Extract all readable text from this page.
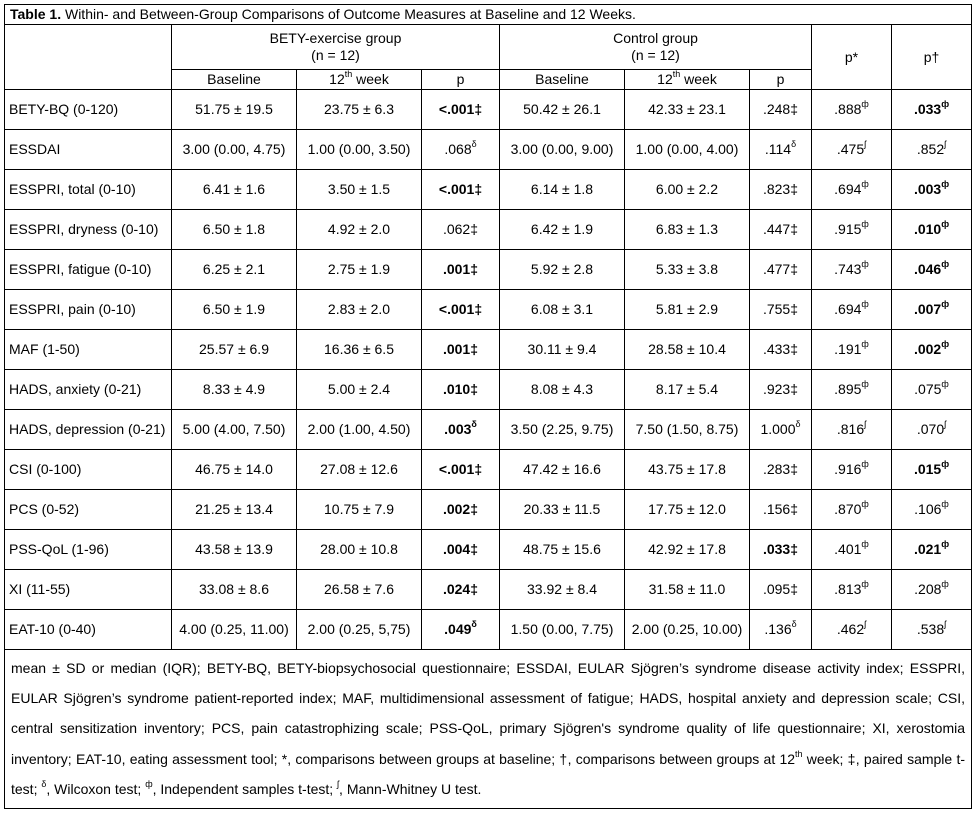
Table 1. Within- and Between-Group Comparisons of Outcome Measures at Baseline and 12 Weeks.								
	BETY-exercise group
(n = 12)			Control group
(n = 12)			p*	p†
	Baseline	12th week	p	Baseline	12th week	p		
BETY-BQ (0-120)	51.75 ± 19.5	23.75 ± 6.3	<.001‡	50.42 ± 26.1	42.33 ± 23.1	.248‡	$.888^ф$	$.033^ф$
ESSDAI	3.00 (0.00, 4.75)	1.00 (0.00, 3.50)	$.068^\delta$	3.00 (0.00, 9.00)	1.00 (0.00, 4.00)	$.114^\delta$	$.475^ʃ$	$.852^ʃ$
ESSPRI, total (0-10)	6.41 ± 1.6	3.50 ± 1.5	<.001‡	6.14 ± 1.8	6.00 ± 2.2	.823‡	$.694^ф$	$.003^ф$
ESSPRI, dryness (0-10)	6.50 ± 1.8	4.92 ± 2.0	.062‡	6.42 ± 1.9	6.83 ± 1.3	.447‡	$.915^ф$	$.010^ф$
ESSPRI, fatigue (0-10)	6.25 ± 2.1	2.75 ± 1.9	.001‡	5.92 ± 2.8	5.33 ± 3.8	.477‡	$.743^ф$	$.046^ф$
ESSPRI, pain (0-10)	6.50 ± 1.9	2.83 ± 2.0	<.001‡	6.08 ± 3.1	5.81 ± 2.9	.755‡	$.694^ф$	$.007^ф$
MAF (1-50)	25.57 ± 6.9	16.36 ± 6.5	.001‡	30.11 ± 9.4	28.58 ± 10.4	.433‡	$.191^ф$	$.002^ф$
HADS, anxiety (0-21)	8.33 ± 4.9	5.00 ± 2.4	.010‡	8.08 ± 4.3	8.17 ± 5.4	.923‡	$.895^ф$	$.075^ф$
HADS, depression (0-21)	5.00 (4.00, 7.50)	2.00 (1.00, 4.50)	$.003^\delta$	3.50 (2.25, 9.75)	7.50 (1.50, 8.75)	$1.000^\delta$	$.816^ʃ$	$.070^ʃ$
CSI (0-100)	46.75 ± 14.0	27.08 ± 12.6	<.001‡	47.42 ± 16.6	43.75 ± 17.8	.283‡	$.916^ф$	$.015^ф$
PCS (0-52)	21.25 ± 13.4	10.75 ± 7.9	.002‡	20.33 ± 11.5	17.75 ± 12.0	.156‡	$.870^ф$	$.106^ф$
PSS-QoL (1-96)	43.58 ± 13.9	28.00 ± 10.8	.004‡	48.75 ± 15.6	42.92 ± 17.8	.033‡	$.401^ф$	$.021^ф$
XI (11-55)	33.08 ± 8.6	26.58 ± 7.6	.024‡	33.92 ± 8.4	31.58 ± 11.0	.095‡	$.813^ф$	$.208^ф$
EAT-10 (0-40)	4.00 (0.25, 11.00)	2.00 (0.25, 5,75)	$.049^\delta$	1.50 (0.00, 7.75)	2.00 (0.25, 10.00)	$.136^\delta$	$.462^ʃ$	$.538^ʃ$
mean ± SD or median (IQR); BETY-BQ, BETY-biopsychosocial questionnaire; ESSDAI, EULAR Sjögren’s syndrome disease activity index; ESSPRI, EULAR Sjögren’s syndrome patient-reported index; MAF, multidimensional assessment of fatigue; HADS, hospital anxiety and depression scale; CSI, central sensitization inventory; PCS, pain catastrophizing scale; PSS-QoL, primary Sjögren's syndrome quality of life questionnaire; XI, xerostomia inventory; EAT-10, eating assessment tool; *, comparisons between groups at baseline; †, comparisons between groups at 12th week; ‡, paired sample t-test; $^\delta$, Wilcoxon test; $^ф$, Independent samples t-test; $^ʃ$, Mann-Whitney U test.								
